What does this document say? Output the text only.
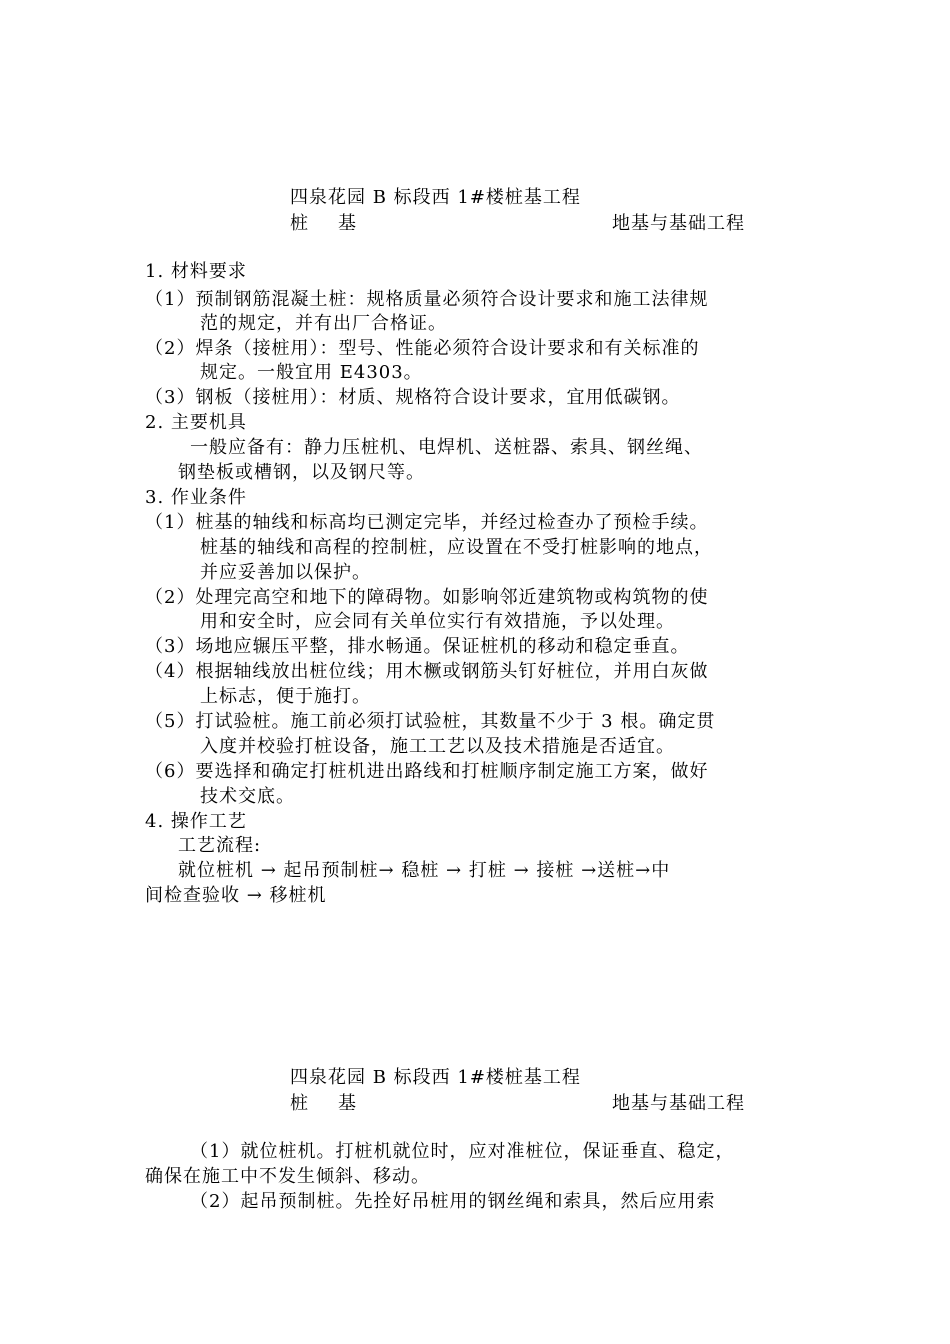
四泉花园 B 标段西 1#楼桩基工程
桩　基	地基与基础工程
1. 材料要求
（1）预制钢筋混凝土桩：规格质量必须符合设计要求和施工法律规
范的规定，并有出厂合格证。
（2）焊条（接桩用）：型号、性能必须符合设计要求和有关标准的
规定。一般宜用 E4303。
（3）钢板（接桩用）：材质、规格符合设计要求，宜用低碳钢。
2. 主要机具
一般应备有：静力压桩机、电焊机、送桩器、索具、钢丝绳、
钢垫板或槽钢，以及钢尺等。
3. 作业条件
（1）桩基的轴线和标高均已测定完毕，并经过检查办了预检手续。
桩基的轴线和高程的控制桩，应设置在不受打桩影响的地点，
并应妥善加以保护。
（2）处理完高空和地下的障碍物。如影响邻近建筑物或构筑物的使
用和安全时，应会同有关单位实行有效措施，予以处理。
（3）场地应辗压平整，排水畅通。保证桩机的移动和稳定垂直。
（4）根据轴线放出桩位线；用木橛或钢筋头钉好桩位，并用白灰做
上标志，便于施打。
（5）打试验桩。施工前必须打试验桩，其数量不少于 3 根。确定贯
入度并校验打桩设备，施工工艺以及技术措施是否适宜。
（6）要选择和确定打桩机进出路线和打桩顺序制定施工方案，做好
技术交底。
4. 操作工艺
工艺流程:
就位桩机 → 起吊预制桩→ 稳桩 → 打桩 → 接桩 →送桩→中
间检查验收 → 移桩机
四泉花园 B 标段西 1#楼桩基工程
桩　基	地基与基础工程
（1）就位桩机。打桩机就位时，应对准桩位，保证垂直、稳定，
确保在施工中不发生倾斜、移动。
（2）起吊预制桩。先拴好吊桩用的钢丝绳和索具，然后应用索
